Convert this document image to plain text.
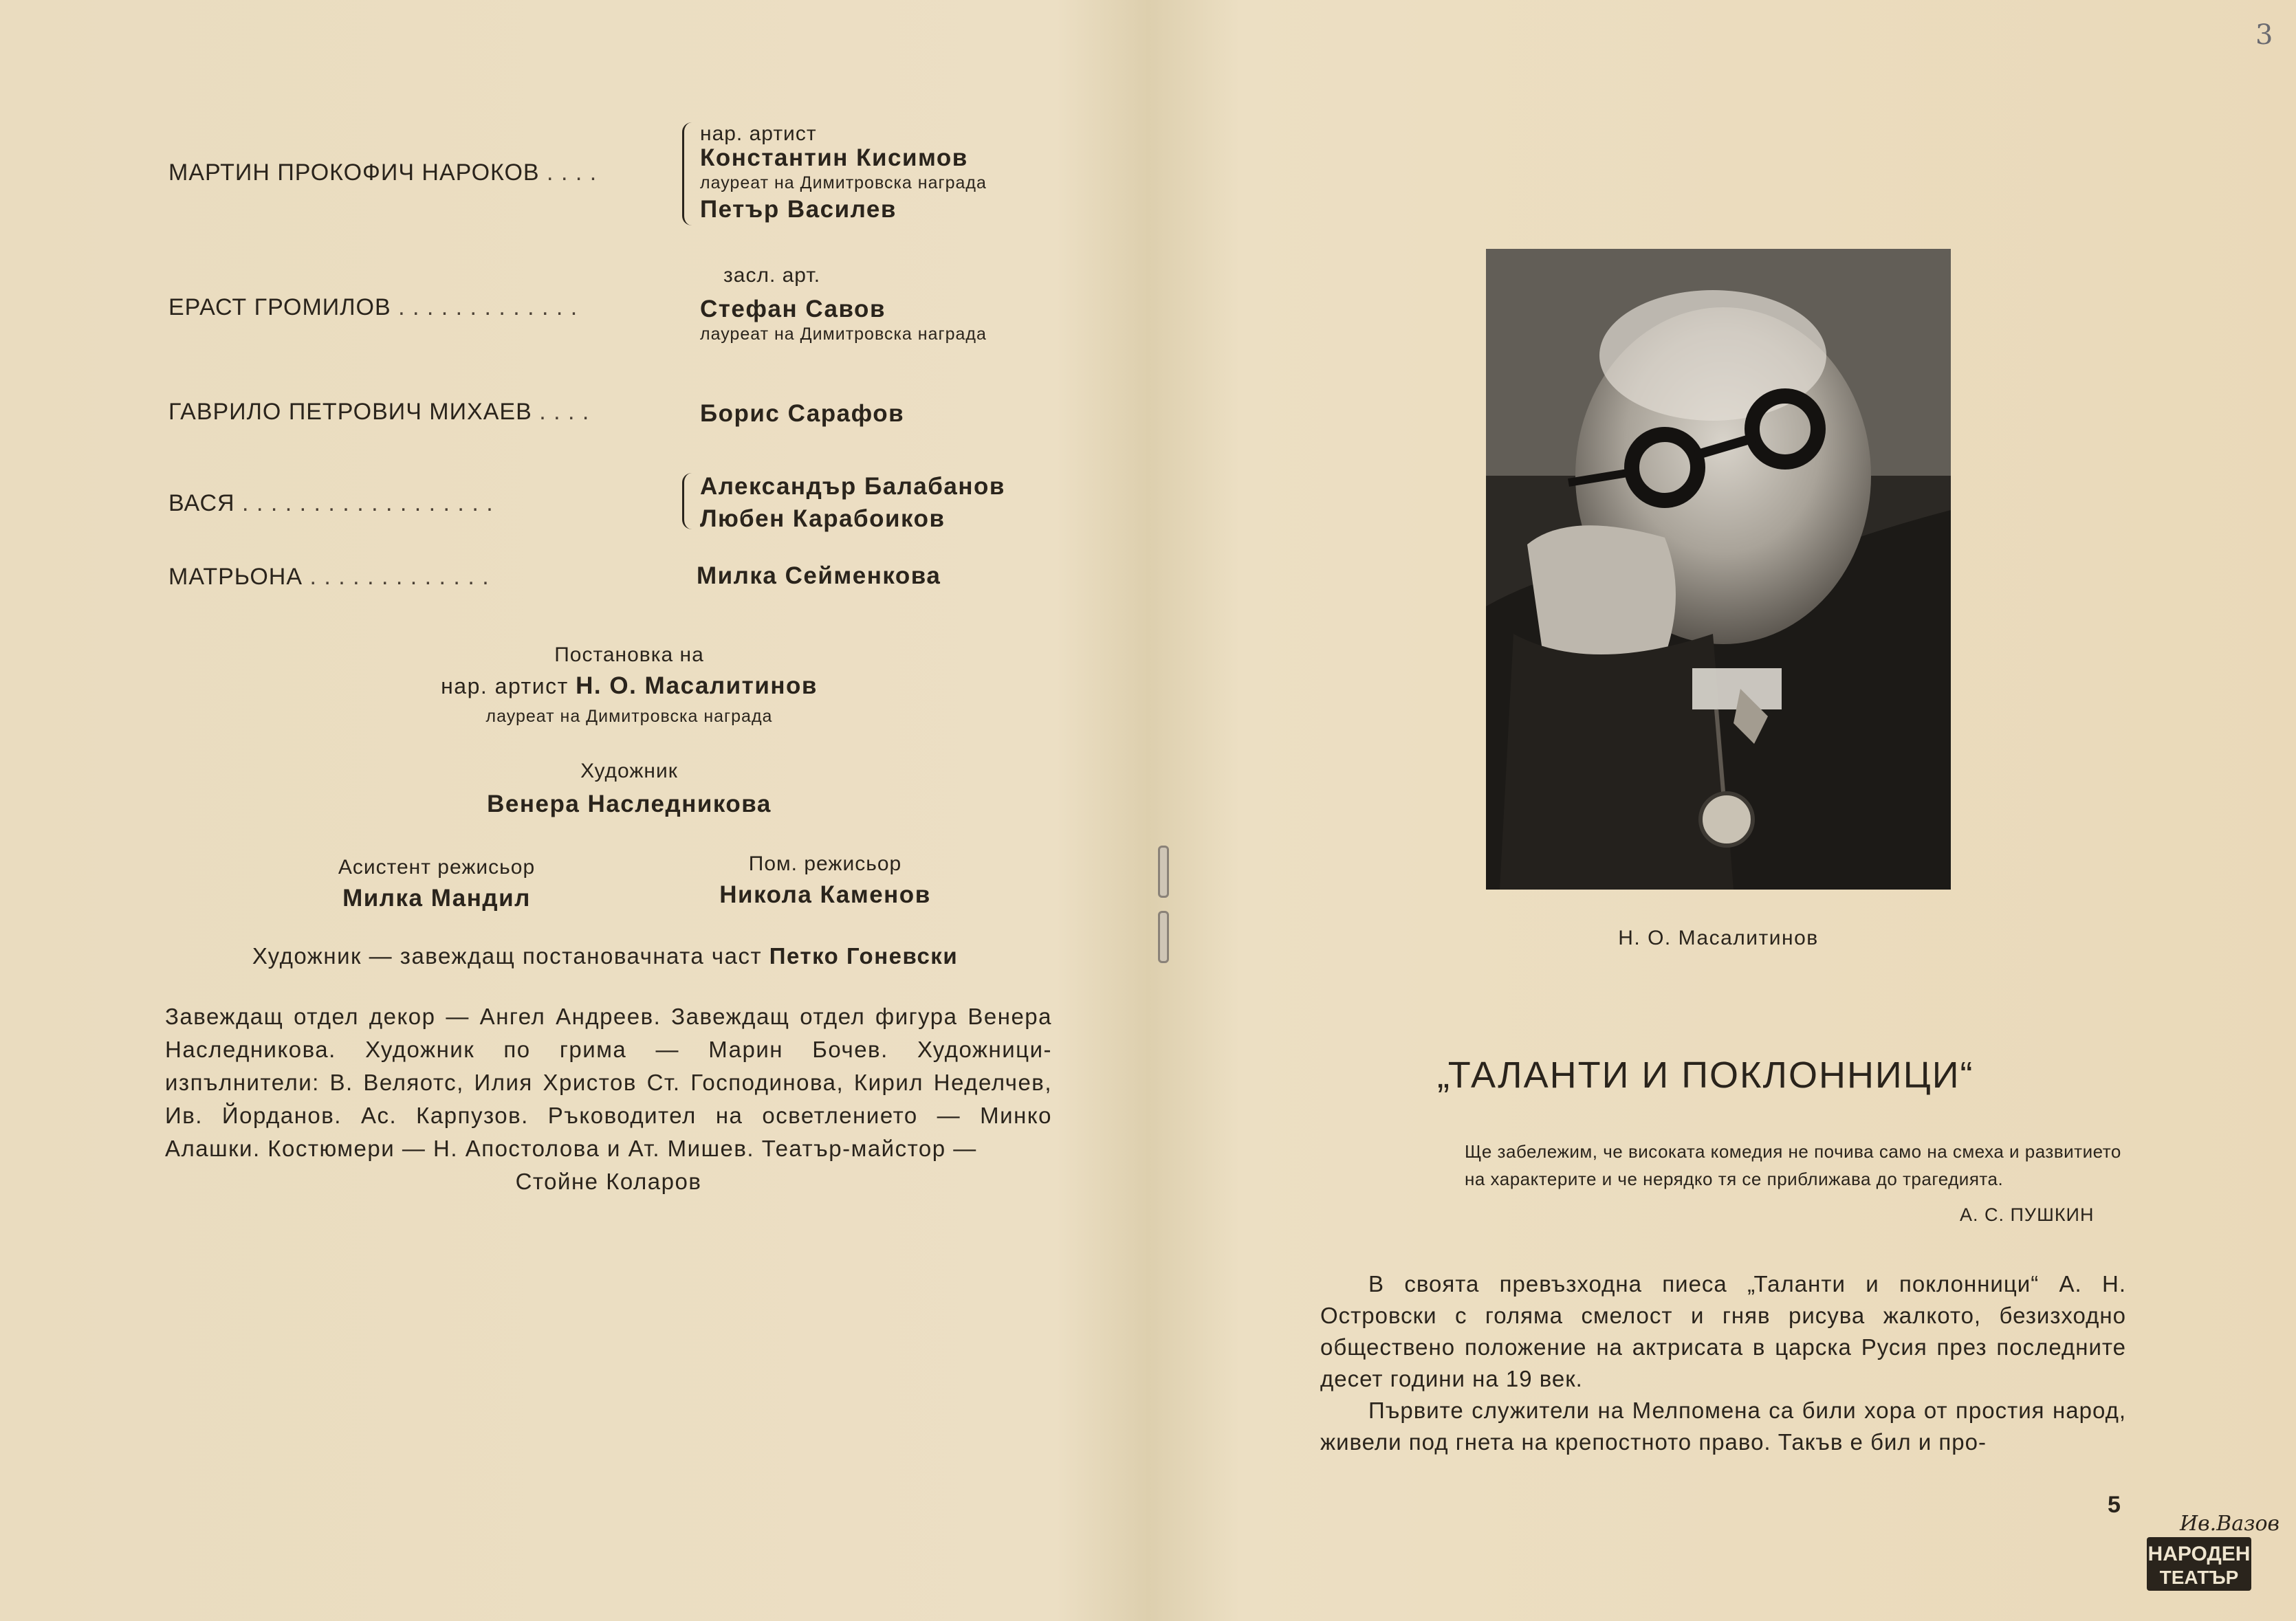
МАРТИН ПРОКОФИЧ НАРОКОВ . . . .
нар. артист
Константин Кисимов
лауреат на Димитровска награда
Петър Василев
ЕРАСТ ГРОМИЛОВ . . . . . . . . . . . . .
засл. арт.
Стефан Савов
лауреат на Димитровска награда
ГАВРИЛО ПЕТРОВИЧ МИХАЕВ . . . .	Борис Сарафов
ВАСЯ . . . . . . . . . . . . . . . . . .
Александър Балабанов
Любен Карабоиков
МАТРЬОНА . . . . . . . . . . . . .	Милка Сейменкова
Постановка на
нар. артист Н. О. Масалитинов
лауреат на Димитровска награда
Художник
Венера Наследникова
Асистент режисьор
Милка Мандил
Пом. режисьор
Никола Каменов
Художник — завеждащ постановачната част Петко Гоневски
Завеждащ отдел декор — Ангел Андреев. Завеждащ отдел фигура Венера Наследникова. Художник по грима — Марин Бочев. Художници-изпълнители: В. Веляотс, Илия Христов Ст. Господинова, Кирил Неделчев, Ив. Йорданов. Ас. Карпузов. Ръководител на осветлението — Минко Алашки. Костюмери — Н. Апостолова и Ат. Мишев. Театър-майстор —
Стойне Коларов
3
Н. О. Масалитинов
„ТАЛАНТИ И ПОКЛОННИЦИ“
Ще забележим, че високата комедия не почива само на смеха и развитието на характерите и че нерядко тя се приближава до трагедията.
А. С. ПУШКИН

В своята превъзходна пиеса „Таланти и поклонници“ А. Н. Островски с голяма смелост и гняв рисува жалкото, безизходно обществено положение на актрисата в царска Русия през последните десет години на 19 век.

Първите служители на Мелпомена са били хора от простия народ, живели под гнета на крепостното право. Такъв е бил и про-

5
Ив.Вазов
НАРОДЕН
ТЕАТЪР
